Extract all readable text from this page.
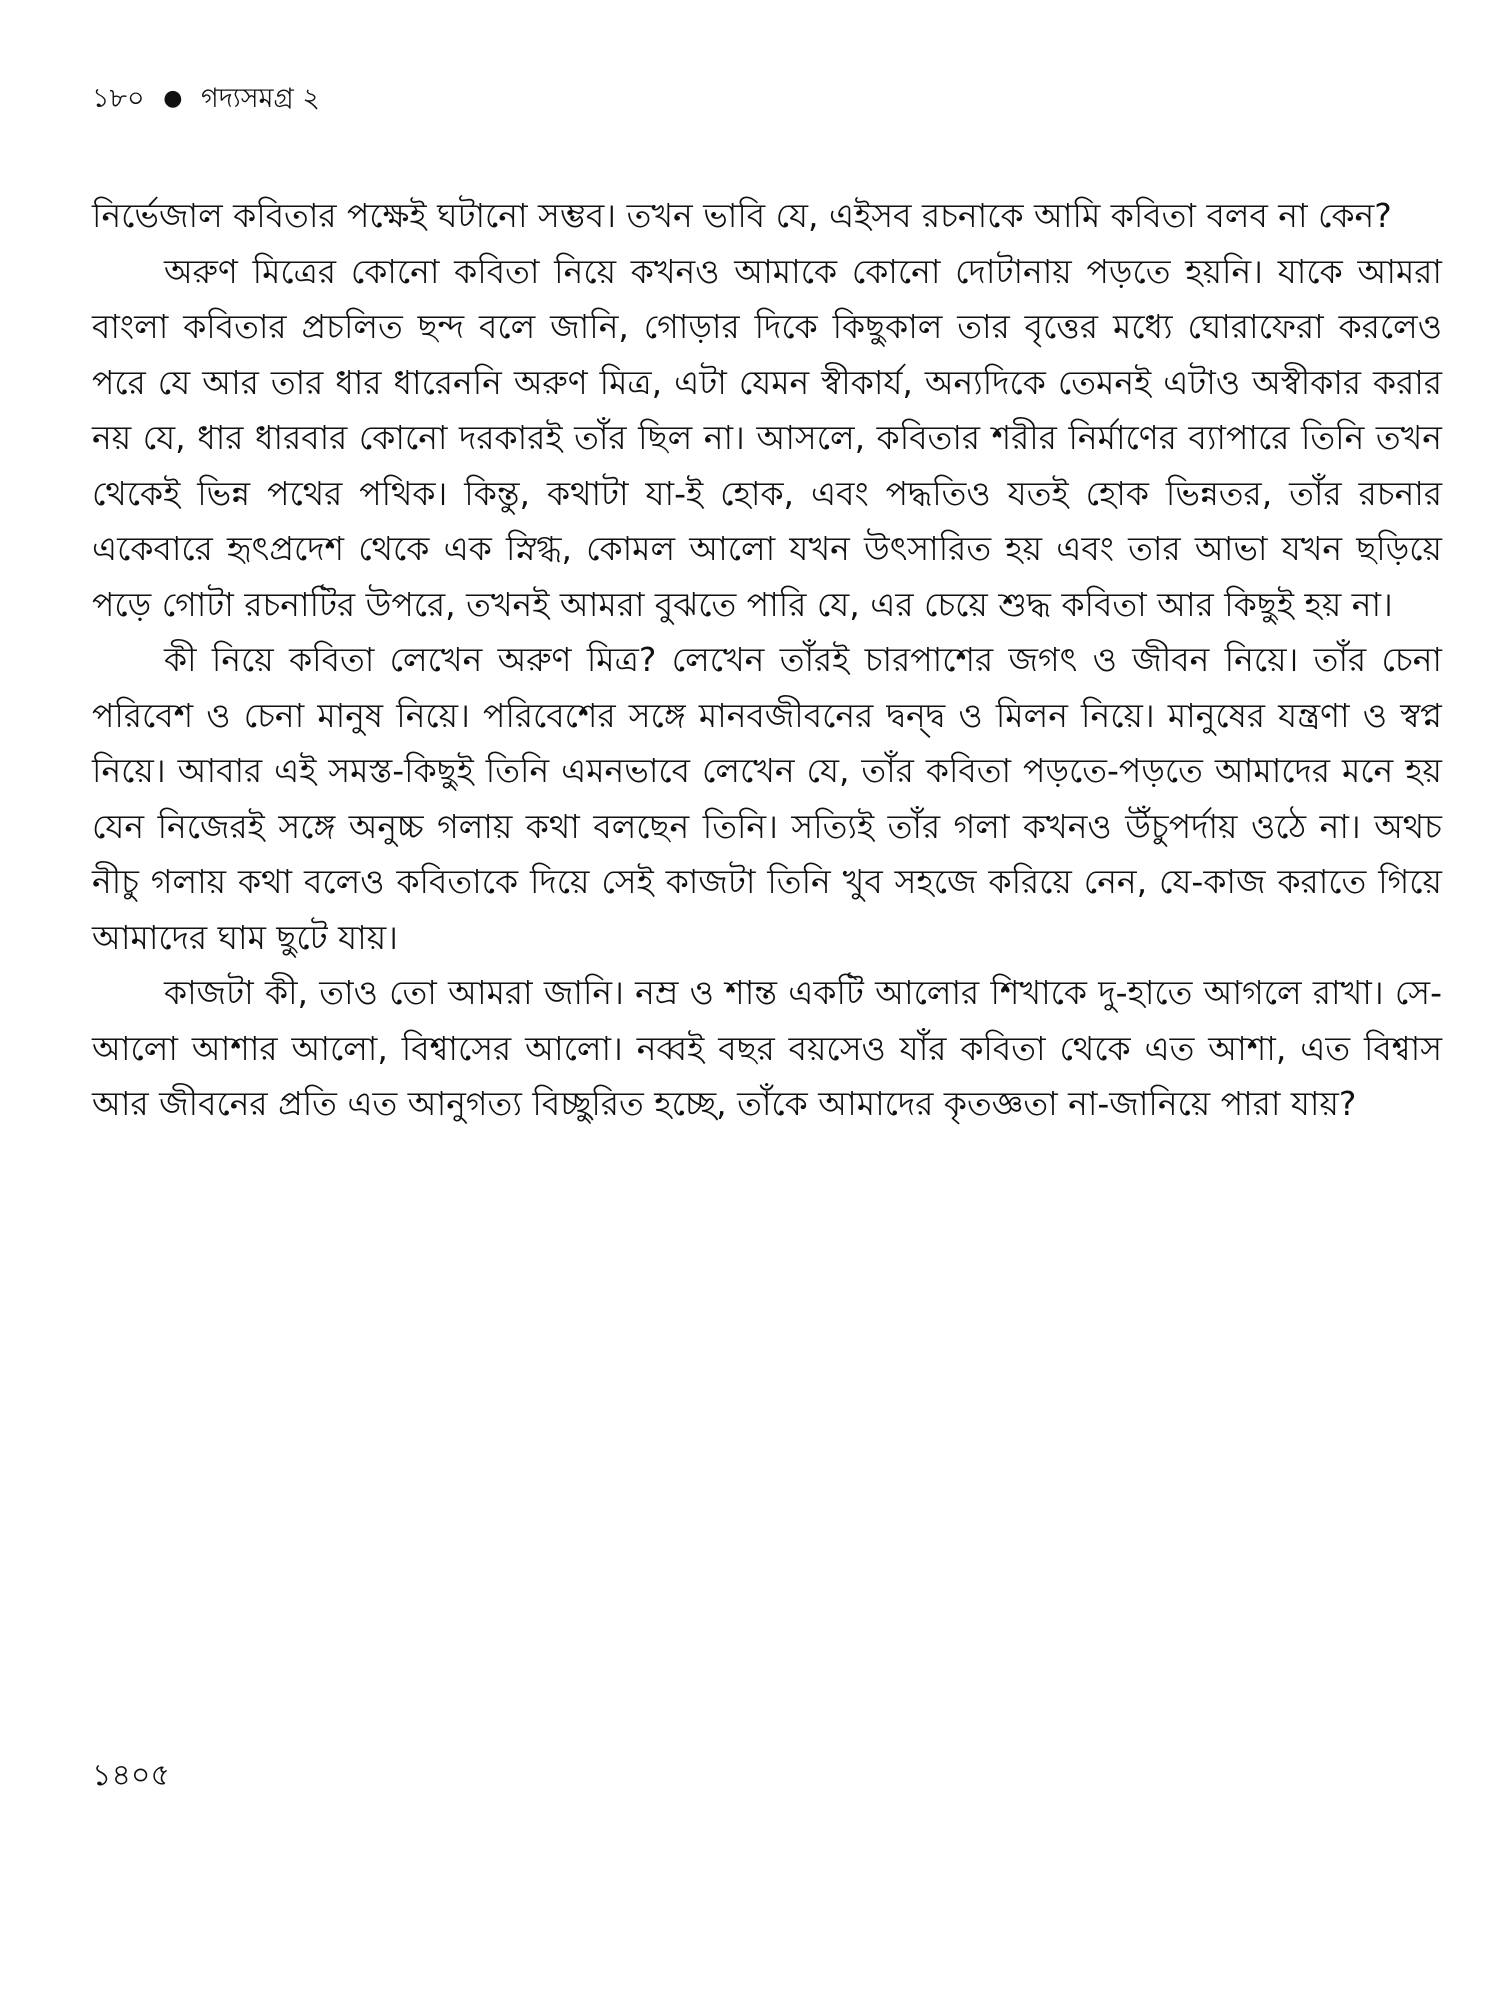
১৮০ ● গদ্যসমগ্র ২

নির্ভেজাল কবিতার পক্ষেই ঘটানো সম্ভব। তখন ভাবি যে, এইসব রচনাকে আমি কবিতা বলব না কেন?

অরুণ মিত্রের কোনো কবিতা নিয়ে কখনও আমাকে কোনো দোটানায় পড়তে হয়নি। যাকে আমরা বাংলা কবিতার প্রচলিত ছন্দ বলে জানি, গোড়ার দিকে কিছুকাল তার বৃত্তের মধ্যে ঘোরাফেরা করলেও পরে যে আর তার ধার ধারেননি অরুণ মিত্র, এটা যেমন স্বীকার্য, অন্যদিকে তেমনই এটাও অস্বীকার করার নয় যে, ধার ধারবার কোনো দরকারই তাঁর ছিল না। আসলে, কবিতার শরীর নির্মাণের ব্যাপারে তিনি তখন থেকেই ভিন্ন পথের পথিক। কিন্তু, কথাটা যা-ই হোক, এবং পদ্ধতিও যতই হোক ভিন্নতর, তাঁর রচনার একেবারে হৃৎপ্রদেশ থেকে এক স্নিগ্ধ, কোমল আলো যখন উৎসারিত হয় এবং তার আভা যখন ছড়িয়ে পড়ে গোটা রচনাটির উপরে, তখনই আমরা বুঝতে পারি যে, এর চেয়ে শুদ্ধ কবিতা আর কিছুই হয় না।

কী নিয়ে কবিতা লেখেন অরুণ মিত্র? লেখেন তাঁরই চারপাশের জগৎ ও জীবন নিয়ে। তাঁর চেনা পরিবেশ ও চেনা মানুষ নিয়ে। পরিবেশের সঙ্গে মানবজীবনের দ্বন্দ্ব ও মিলন নিয়ে। মানুষের যন্ত্রণা ও স্বপ্ন নিয়ে। আবার এই সমস্ত-কিছুই তিনি এমনভাবে লেখেন যে, তাঁর কবিতা পড়তে-পড়তে আমাদের মনে হয় যেন নিজেরই সঙ্গে অনুচ্চ গলায় কথা বলছেন তিনি। সত্যিই তাঁর গলা কখনও উঁচুপর্দায় ওঠে না। অথচ নীচু গলায় কথা বলেও কবিতাকে দিয়ে সেই কাজটা তিনি খুব সহজে করিয়ে নেন, যে-কাজ করাতে গিয়ে আমাদের ঘাম ছুটে যায়।

কাজটা কী, তাও তো আমরা জানি। নম্র ও শান্ত একটি আলোর শিখাকে দু-হাতে আগলে রাখা। সে-আলো আশার আলো, বিশ্বাসের আলো। নব্বই বছর বয়সেও যাঁর কবিতা থেকে এত আশা, এত বিশ্বাস আর জীবনের প্রতি এত আনুগত্য বিচ্ছুরিত হচ্ছে, তাঁকে আমাদের কৃতজ্ঞতা না-জানিয়ে পারা যায়?

১৪০৫
